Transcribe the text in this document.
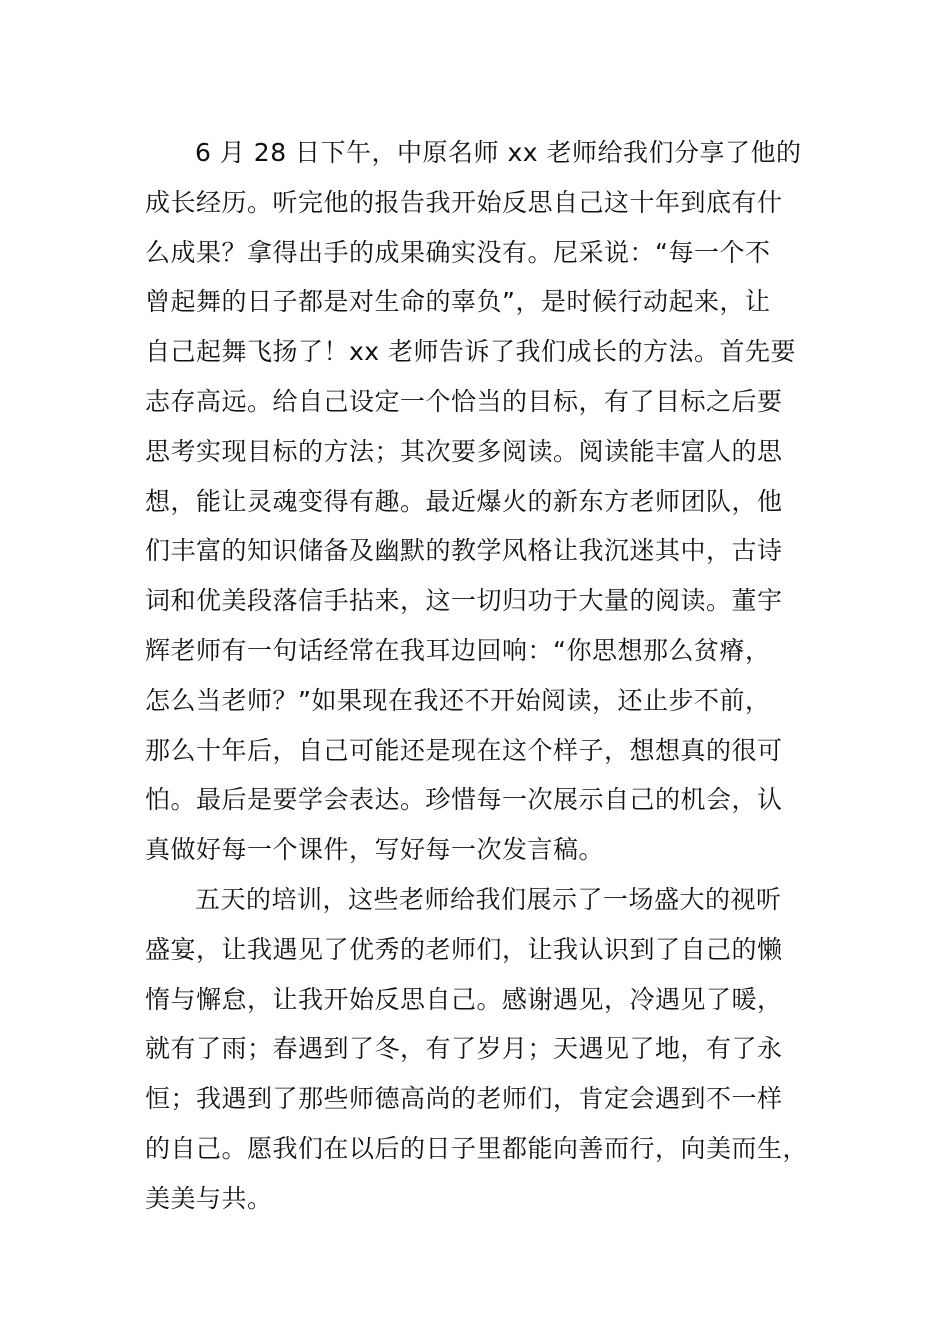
6 月 28 日下午，中原名师 xx 老师给我们分享了他的
成长经历。听完他的报告我开始反思自己这十年到底有什
么成果？拿得出手的成果确实没有。尼采说：“每一个不
曾起舞的日子都是对生命的辜负”，是时候行动起来，让
自己起舞飞扬了！xx 老师告诉了我们成长的方法。首先要
志存高远。给自己设定一个恰当的目标，有了目标之后要
思考实现目标的方法；其次要多阅读。阅读能丰富人的思
想，能让灵魂变得有趣。最近爆火的新东方老师团队，他
们丰富的知识储备及幽默的教学风格让我沉迷其中，古诗
词和优美段落信手拈来，这一切归功于大量的阅读。董宇
辉老师有一句话经常在我耳边回响：“你思想那么贫瘠，
怎么当老师？”如果现在我还不开始阅读，还止步不前，
那么十年后，自己可能还是现在这个样子，想想真的很可
怕。最后是要学会表达。珍惜每一次展示自己的机会，认
真做好每一个课件，写好每一次发言稿。
五天的培训，这些老师给我们展示了一场盛大的视听
盛宴，让我遇见了优秀的老师们，让我认识到了自己的懒
惰与懈怠，让我开始反思自己。感谢遇见，冷遇见了暖，
就有了雨；春遇到了冬，有了岁月；天遇见了地，有了永
恒；我遇到了那些师德高尚的老师们，肯定会遇到不一样
的自己。愿我们在以后的日子里都能向善而行，向美而生，
美美与共。
